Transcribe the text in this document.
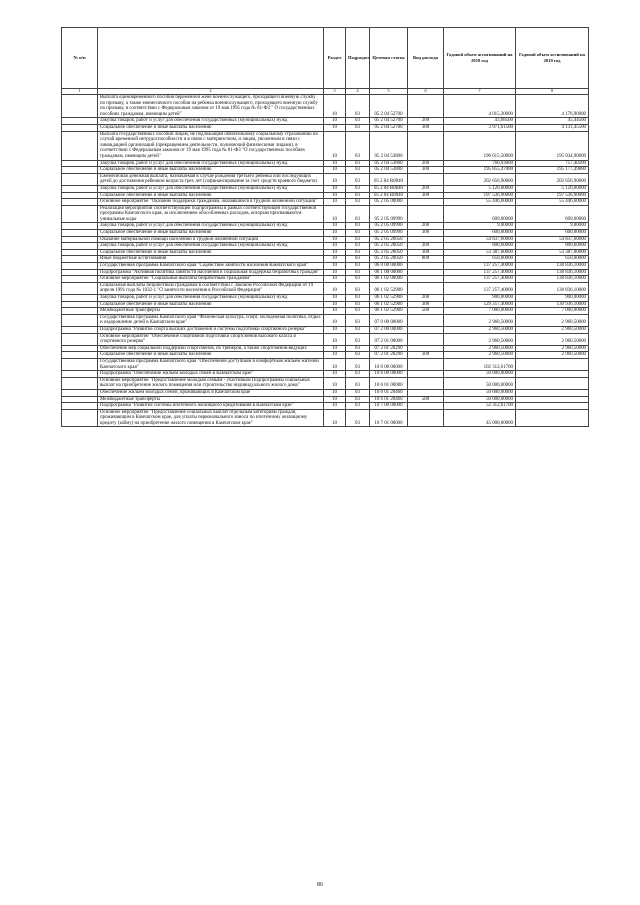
№ п/п		Раздел	Подраздел	Целевая статья	Вид расхода	Годовой объем ассигнований на 2018 год	Годовой объем ассигнований на 2019 год
1	2	3	4	5	6	7	8
	Выплата единовременного пособия беременной жене военнослужащего, проходящего военную службу по призыву, а также ежемесячного пособия на ребенка военнослужащего, проходящего военную службу по призыву, в соответствии с Федеральным законом от 19 мая 1995 года № 81-ФЗ " О государственных пособиях гражданам, имеющим детей"	10	03	05 2 04 52700		4 015,30000	4 176,90000
	Закупка товаров, работ и услуг для обеспечения государственных (муниципальных) нужд	10	03	05 2 04 52700	200	43,68500	45,44500
	Социальное обеспечение и иные выплаты населению	10	03	05 2 04 52700	300	3 971,61500	4 131,45500
	Выплата государственных пособий лицам, не подлежащим обязательному социальному страхованию на случай временной нетрудоспособности и в связи с материнством, и лицам, уволенным в связи с ликвидацией организаций (прекращением деятельности, полномочий физическими лицами), в соответствии с Федеральным законом от 19 мая 1995 года № 81-ФЗ "О государственных пособиях гражданам, имеющим детей"	10	03	05 2 04 53800		196 615,50000	195 934,90000
	Закупка товаров, работ и услуг для обеспечения государственных (муниципальных) нужд	10	03	05 2 04 53800	200	760,03000	757,40200
	Социальное обеспечение и иные выплаты населению	10	03	05 2 04 53800	300	195 855,47000	195 177,49800
	Ежемесячная денежная выплата, назначаемая в случае рождения третьего ребенка или последующих детей до достижения ребенком возраста трех лет (софинансирование за счет средств краевого бюджета)	10	03	05 2 04 R0840		202 656,90000	202 656,90000
	Закупка товаров, работ и услуг для обеспечения государственных (муниципальных) нужд	10	03	05 2 04 R0840	200	5 120,00000	5 120,00000
	Социальное обеспечение и иные выплаты населению	10	03	05 2 04 R0840	300	197 536,90000	197 536,90000
	Основное мероприятие "Оказание поддержки гражданам, оказавшимся в трудной жизненной ситуации"	10	03	05 2 05 00000		55 446,60000	55 446,60000
	Реализация мероприятий соответствующей подпрограммы в рамках соответствующей государственной программы Камчатского края, за исключением обособленных расходов, которым присваиваются уникальные коды	10	03	05 2 05 09990		609,00000	609,00000
	Закупка товаров, работ и услуг для обеспечения государственных (муниципальных) нужд	10	03	05 2 05 09990	200	9,00000	9,00000
	Социальное обеспечение и иные выплаты населению	10	03	05 2 05 09990	300	600,00000	600,00000
	Оказание материальной помощи населению в трудной жизненной ситуации	10	03	05 2 05 20050		54 837,60000	54 837,60000
	Закупка товаров, работ и услуг для обеспечения государственных (муниципальных) нужд	10	03	05 2 05 20050	200	800,60000	800,60000
	Социальное обеспечение и иные выплаты населению	10	03	05 2 05 20050	300	53 387,00000	53 387,00000
	Иные бюджетные ассигнования	10	03	05 2 05 20050	800	650,00000	650,00000
	Государственная программа Камчатского края "Содействие занятости населения Камчатского края"	10	03	06 0 00 00000		137 257,40000	138 836,10000
	Подпрограмма "Активная политика занятости населения и социальная поддержка безработных граждан"	10	03	06 1 00 00000		137 257,40000	138 836,10000
	Основное мероприятие "Социальные выплаты безработным гражданам"	10	03	06 1 02 00000		137 257,40000	138 836,10000
	Социальные выплаты безработным гражданам в соответствии с Законом Российской Федерации от 19 апреля 1991 года № 1032-1 "О занятости населения в Российской Федерации"	10	03	06 1 02 52900		137 257,40000	138 836,10000
	Закупка товаров, работ и услуг для обеспечения государственных (муниципальных) нужд	10	03	06 1 02 52900	200	900,00000	900,00000
	Социальное обеспечение и иные выплаты населению	10	03	06 1 02 52900	300	129 357,40000	130 936,10000
	Межбюджетные трансферты	10	03	06 1 02 52900	500	7 000,00000	7 000,00000
	Государственная программа Камчатского края "Физическая культура, спорт, молодежная политика, отдых и оздоровление детей в Камчатском крае"	10	03	07 0 00 00000		2 960,50000	2 960,50000
	Подпрограмма "Развитие спорта высших достижений и системы подготовки спортивного резерва"	10	03	07 2 00 00000		2 960,50000	2 960,50000
	Основное мероприятие "Обеспечение спортивной подготовки спортсменов высокого класса и спортивного резерва"	10	03	07 2 01 00000		2 960,50000	2 960,50000
	Обеспечение мер социальной поддержки спортсменов, их тренеров, а также спортсменов-ведущих	10	03	07 2 01 20290		2 960,50000	2 960,50000
	Социальное обеспечение и иные выплаты населению	10	03	07 2 01 20290	300	2 960,50000	2 960,50000
	Государственная программа Камчатского края "Обеспечение доступным и комфортным жильем жителей Камчатского края"	10	03	10 0 00 00000		102 312,61700	
	Подпрограмма "Обеспечение жильем молодых семей в Камчатском крае"	10	03	10 6 00 00000		50 000,00000	
	Основное мероприятие "Предоставление молодым семьям - участникам Подпрограммы социальных выплат на приобретение жилого помещения или строительство индивидуального жилого дома"	10	03	10 6 01 00000		50 000,00000	
	Обеспечение жильем молодых семей, проживающих в Камчатском крае	10	03	10 6 01 20460		50 000,00000	
	Межбюджетные трансферты	10	03	10 6 01 20460	500	50 000,00000	
	Подпрограмма "Развитие системы ипотечного жилищного кредитования в Камчатском крае"	10	03	10 7 00 00000		52 312,61700	
	Основное мероприятие "Предоставление социальных выплат отдельным категориям граждан, проживающим в Камчатском крае, для уплаты первоначального взноса по ипотечному жилищному кредиту (займу) на приобретение жилого помещения в Камчатском крае"	10	03	10 7 01 00000		45 000,00000	
86
